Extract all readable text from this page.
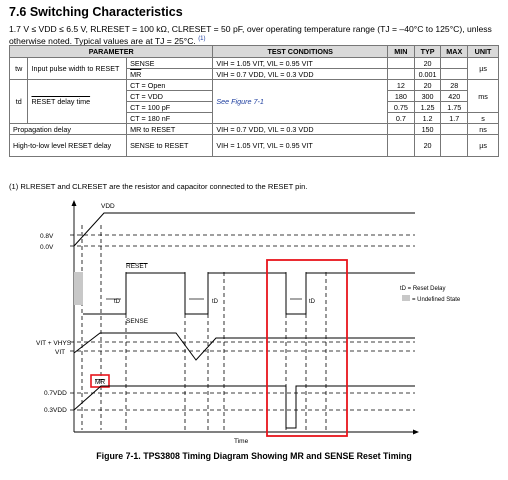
7.6 Switching Characteristics
1.7 V ≤ VDD ≤ 6.5 V, RLRESET = 100 kΩ, CLRESET = 50 pF, over operating temperature range (TJ = –40°C to 125°C), unless otherwise noted. Typical values are at TJ = 25°C. $^{(1)}$
PARAMETER			TEST CONDITIONS	MIN	TYP	MAX	UNIT
tw	Input pulse width to RESET	SENSE	VIH = 1.05 VIT, VIL = 0.95 VIT		20		µs
		$\overline{MR}$	VIH = 0.7 VDD, VIL = 0.3 VDD		0.001		
td	RESET delay time	CT = Open	See Figure 7-1	12	20	28	ms
		CT = VDD		180	300	420	
		CT = 100 pF		0.75	1.25	1.75	
		CT = 180 nF		0.7	1.2	1.7	s
Propagation delay		MR to RESET	VIH = 0.7 VDD, VIL = 0.3 VDD		150		ns
High-to-low level RESET delay		SENSE to RESET	VIH = 1.05 VIT, VIL = 0.95 VIT		20		µs
(1) RLRESET and CLRESET are the resistor and capacitor connected to the RESET pin.
VDD
0.8V
0.0V
RESET
tD	tD	tD
tD = Reset Delay
= Undefined State
SENSE
VIT + VHYS
VIT
MR
0.7VDD
0.3VDD
Time
Figure 7-1. TPS3808 Timing Diagram Showing MR and SENSE Reset Timing
